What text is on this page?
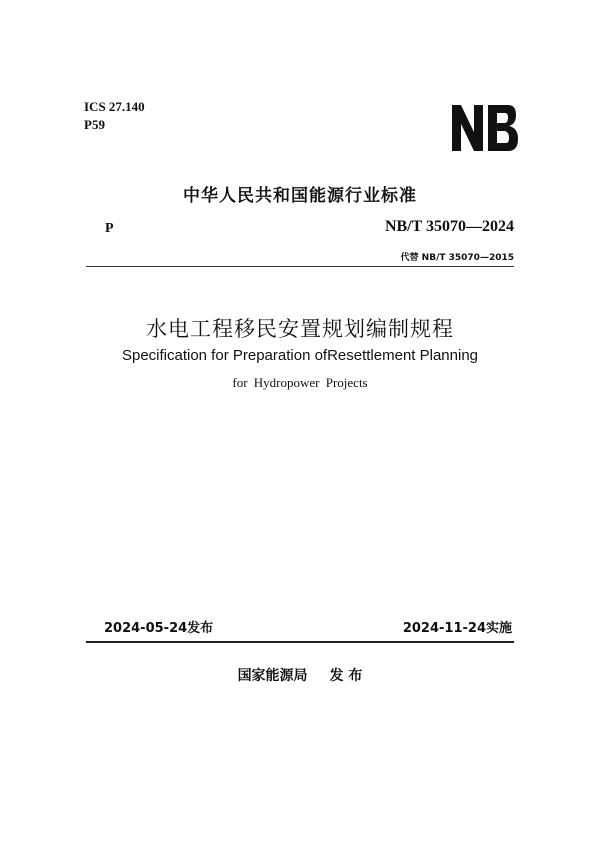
ICS 27.140
P59
中华人民共和国能源行业标准
P	NB/T 35070—2024
代替 NB/T 35070—2015
水电工程移民安置规划编制规程
Specification for Preparation ofResettlement Planning
for Hydropower Projects
2024-05-24发布	2024-11-24实施
国家能源局 发 布
